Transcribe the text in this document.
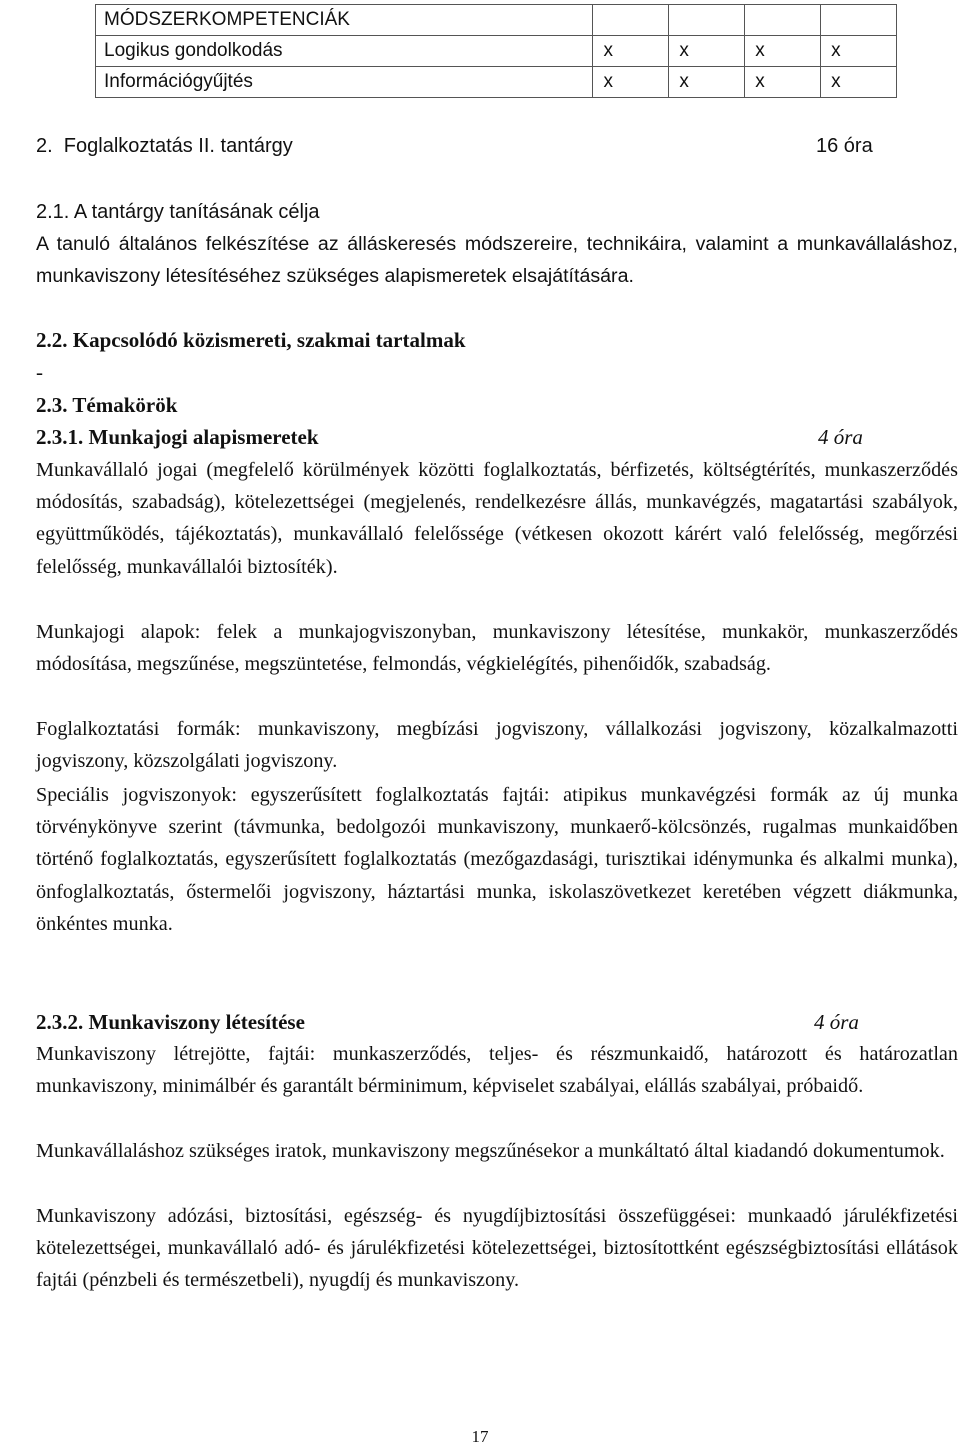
MÓDSZERKOMPETENCIÁK				
Logikus gondolkodás	x	x	x	x
Információgyűjtés	x	x	x	x
2.  Foglalkoztatás II. tantárgy	16 óra
2.1. A tantárgy tanításának célja
A tanuló általános felkészítése az álláskeresés módszereire, technikáira, valamint a munkavállaláshoz, munkaviszony létesítéséhez szükséges alapismeretek elsajátítására.
2.2. Kapcsolódó közismereti, szakmai tartalmak
-
2.3. Témakörök
2.3.1. Munkajogi alapismeretek	4 óra
Munkavállaló jogai (megfelelő körülmények közötti foglalkoztatás, bérfizetés, költségtérítés, munkaszerződés módosítás, szabadság), kötelezettségei (megjelenés, rendelkezésre állás, munkavégzés, magatartási szabályok, együttműködés, tájékoztatás), munkavállaló felelőssége (vétkesen okozott kárért való felelősség, megőrzési felelősség, munkavállalói biztosíték).
Munkajogi alapok: felek a munkajogviszonyban, munkaviszony létesítése, munkakör, munkaszerződés módosítása, megszűnése, megszüntetése, felmondás, végkielégítés, pihenőidők, szabadság.
Foglalkoztatási formák: munkaviszony, megbízási jogviszony, vállalkozási jogviszony, közalkalmazotti jogviszony, közszolgálati jogviszony.
Speciális jogviszonyok: egyszerűsített foglalkoztatás fajtái: atipikus munkavégzési formák az új munka törvénykönyve szerint (távmunka, bedolgozói munkaviszony, munkaerő-kölcsönzés, rugalmas munkaidőben történő foglalkoztatás, egyszerűsített foglalkoztatás (mezőgazdasági, turisztikai idénymunka és alkalmi munka), önfoglalkoztatás, őstermelői jogviszony, háztartási munka, iskolaszövetkezet keretében végzett diákmunka, önkéntes munka.
2.3.2. Munkaviszony létesítése	4 óra
Munkaviszony létrejötte, fajtái: munkaszerződés, teljes- és részmunkaidő, határozott és határozatlan munkaviszony, minimálbér és garantált bérminimum, képviselet szabályai, elállás szabályai, próbaidő.
Munkavállaláshoz szükséges iratok, munkaviszony megszűnésekor a munkáltató által kiadandó dokumentumok.
Munkaviszony adózási, biztosítási, egészség- és nyugdíjbiztosítási összefüggései: munkaadó járulékfizetési kötelezettségei, munkavállaló adó- és járulékfizetési kötelezettségei, biztosítottként egészségbiztosítási ellátások fajtái (pénzbeli és természetbeli), nyugdíj és munkaviszony.
17
